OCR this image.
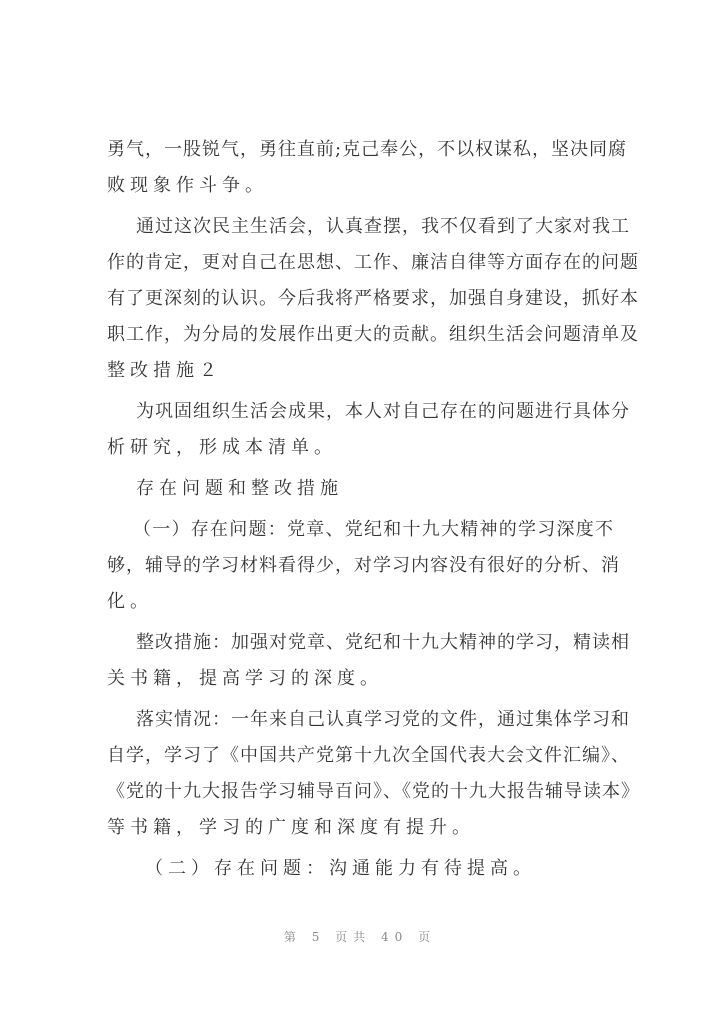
勇气，一股锐气，勇往直前;克己奉公，不以权谋私，坚决同腐
败现象作斗争。
通过这次民主生活会，认真查摆，我不仅看到了大家对我工
作的肯定，更对自己在思想、工作、廉洁自律等方面存在的问题
有了更深刻的认识。今后我将严格要求，加强自身建设，抓好本
职工作，为分局的发展作出更大的贡献。组织生活会问题清单及
整改措施２
为巩固组织生活会成果，本人对自己存在的问题进行具体分
析研究，形成本清单。
存在问题和整改措施
（一）存在问题：党章、党纪和十九大精神的学习深度不
够，辅导的学习材料看得少，对学习内容没有很好的分析、消
化。
整改措施：加强对党章、党纪和十九大精神的学习，精读相
关书籍，提高学习的深度。
落实情况：一年来自己认真学习党的文件，通过集体学习和
自学，学习了《中国共产党第十九次全国代表大会文件汇编》、
《党的十九大报告学习辅导百问》、《党的十九大报告辅导读本》
等书籍，学习的广度和深度有提升。
（二）存在问题：沟通能力有待提高。
第 5 页共 40 页
